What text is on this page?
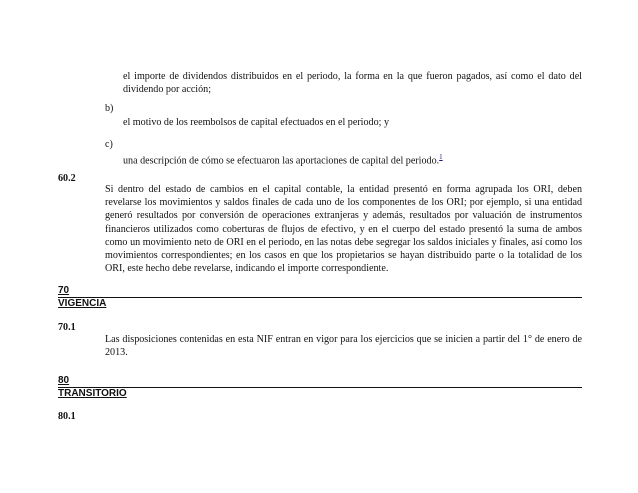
el importe de dividendos distribuidos en el periodo, la forma en la que fueron pagados, así como el dato del dividendo por acción;
b)
el motivo de los reembolsos de capital efectuados en el periodo; y
c)
una descripción de cómo se efectuaron las aportaciones de capital del periodo.$^1$
60.2
Si dentro del estado de cambios en el capital contable, la entidad presentó en forma agrupada los ORI, deben revelarse los movimientos y saldos finales de cada uno de los componentes de los ORI; por ejemplo, si una entidad generó resultados por conversión de operaciones extranjeras y además, resultados por valuación de instrumentos financieros utilizados como coberturas de flujos de efectivo, y en el cuerpo del estado presentó la suma de ambos como un movimiento neto de ORI en el periodo, en las notas debe segregar los saldos iniciales y finales, así como los movimientos correspondientes; en los casos en que los propietarios se hayan distribuido parte o la totalidad de los ORI, este hecho debe revelarse, indicando el importe correspondiente.
70
VIGENCIA
70.1
Las disposiciones contenidas en esta NIF entran en vigor para los ejercicios que se inicien a partir del 1° de enero de 2013.
80
TRANSITORIO
80.1
